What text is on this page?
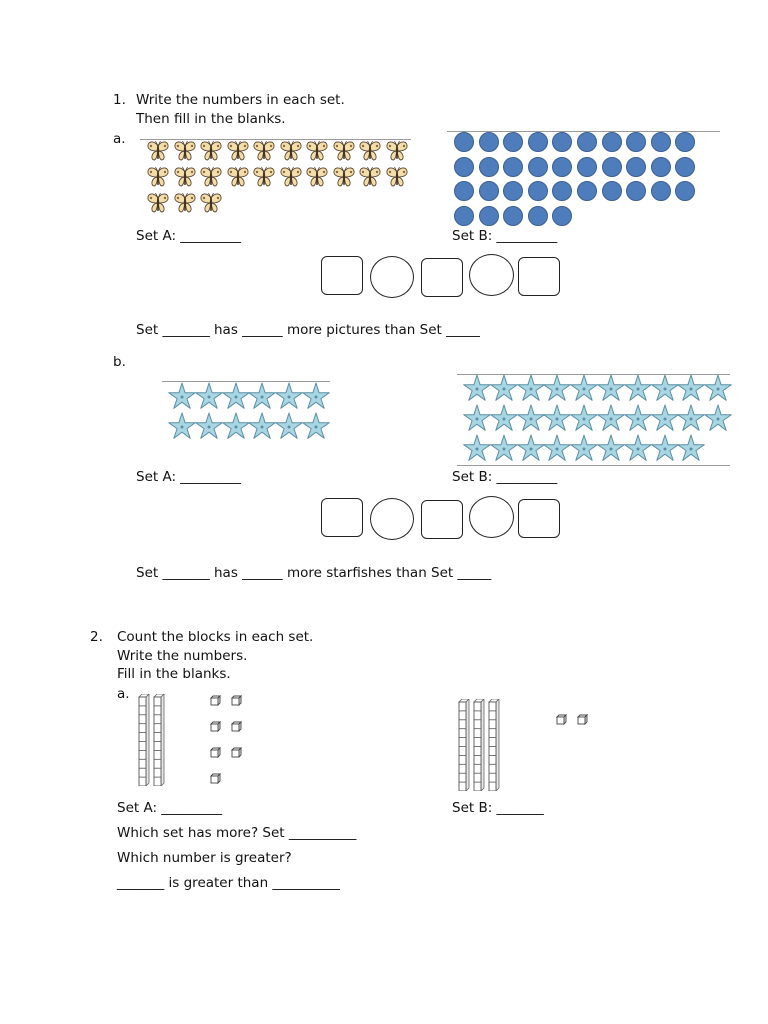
1. Write the numbers in each set.
Then fill in the blanks.
a.
Set A: _________	Set B: _________
Set _______ has ______ more pictures than Set _____
b.
Set A: _________	Set B: _________
Set _______ has ______ more starfishes than Set _____
2. Count the blocks in each set.
Write the numbers.
Fill in the blanks.
a.
Set A: _________	Set B: _______
Which set has more? Set __________
Which number is greater?
_______ is greater than __________
